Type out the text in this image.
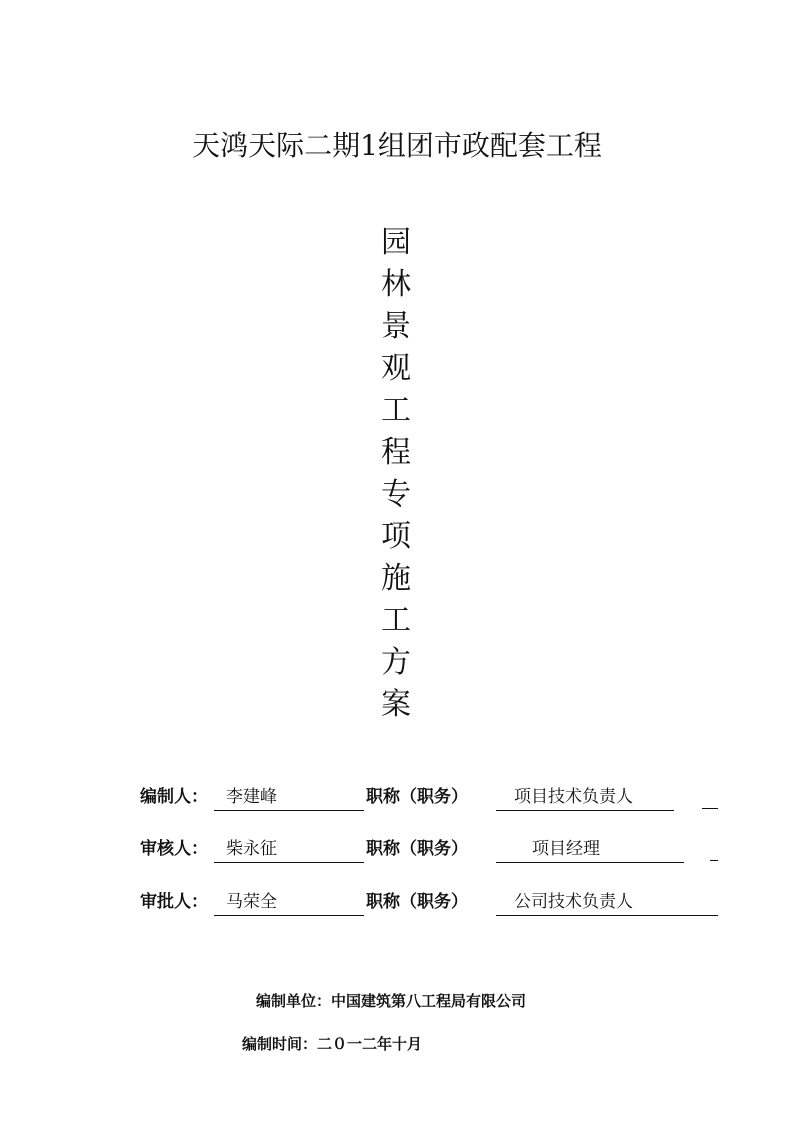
天鸿天际二期1组团市政配套工程
园
林
景
观
工
程
专
项
施
工
方
案
编制人：	李建峰	职称（职务）	项目技术负责人
审核人：	柴永征	职称（职务）	项目经理
审批人：	马荣全	职称（职务）	公司技术负责人
编制单位：中国建筑第八工程局有限公司
编制时间：二０一二年十月
